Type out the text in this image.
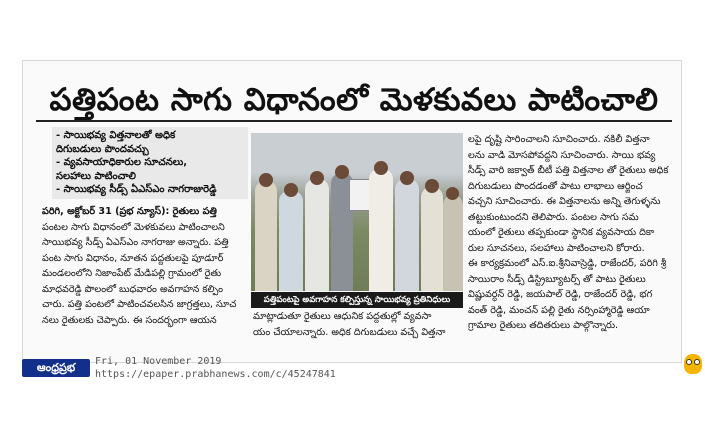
పత్తిపంట సాగు విధానంలో మెళకువలు పాటించాలి
- సాయిభవ్య విత్తనాలతో అధిక
దిగుబడులు పొందవచ్చు
- వ్యవసాయాధికారుల సూచనలు,
సలహాలు పాటించాలి
- సాయిభవ్య సీడ్స్ ఏఎస్ఎం నాగరాజురెడ్డి
పరిగి, అక్టోబర్ 31 (ప్రభ న్యూస్): రైతులు పత్తి
పంటల సాగు విధానంలో మెళకువలు పాటించాలని
సాయిభవ్య సీడ్స్ ఏఎస్ఎం నాగరాజు అన్నారు. పత్తి
పంట సాగు విధానం, నూతన పద్దతులపై పూడూర్
మండలంలోని నిజాంపేట్ మేడిపల్లి గ్రామంలో రైతు
మాధవరెడ్డి పొలంలో బుధవారం అవగాహన కల్పిం
చారు. పత్తి పంటలో పాటించవలసిన జాగ్రత్తలు, సూచ
నలు రైతులకు చెప్పారు. ఈ సందర్భంగా ఆయన
పత్తిపంటపై అవగాహన కల్పిస్తున్న సాయిభవ్య ప్రతినిధులు
మాట్లాడుతూ రైతులు ఆధునిక పద్దతుల్లో వ్యవసా
యం చేయాలన్నారు. అధిక దిగుబడులు వచ్చే విత్తనా
లపై దృష్టి సారించాలని సూచించారు. నకిలీ విత్తనా
లను వాడి మోసపోవద్దని సూచించారు. సాయి భవ్య
సీడ్స్ వారి జక్వాత్ బీటీ పత్తి విత్తనాల తో రైతులు అధిక
దిగుబడులు పొందడంతో పాటు లాభాలు ఆర్జించ
వచ్చని సూచించారు. ఈ విత్తనాలను అన్ని తెగుళ్ళను
తట్టుకుంటుందని తెలిపారు. పంటల సాగు సమ
యంలో రైతులు తప్పకుండా స్థానిక వ్యవసాయ దికా
రుల సూచనలు, సలహాలు పాటించాలని కోరారు.
ఈ కార్యక్రమంలో ఎస్.ఐ.శ్రీనివాస్రెడ్డి, రాజేందర్, పరిగి శ్రీ
సాయిరాం సీడ్స్ డిస్ట్రిబ్యూటర్స్ తో పాటు రైతులు
విష్ణువర్ధన్ రెడ్డి, జయపాల్ రెడ్డి, రాజేందర్ రెడ్డి, భగ
వంత్ రెడ్డి, మంచన్ పల్లి రైతు నర్సింహ్మారెడ్డి ఆయా
గ్రామాల రైతులు తదితరులు పాల్గొన్నారు.
ఆంధ్రప్రభ	Fri, 01 November 2019
https://epaper.prabhanews.com/c/45247841
